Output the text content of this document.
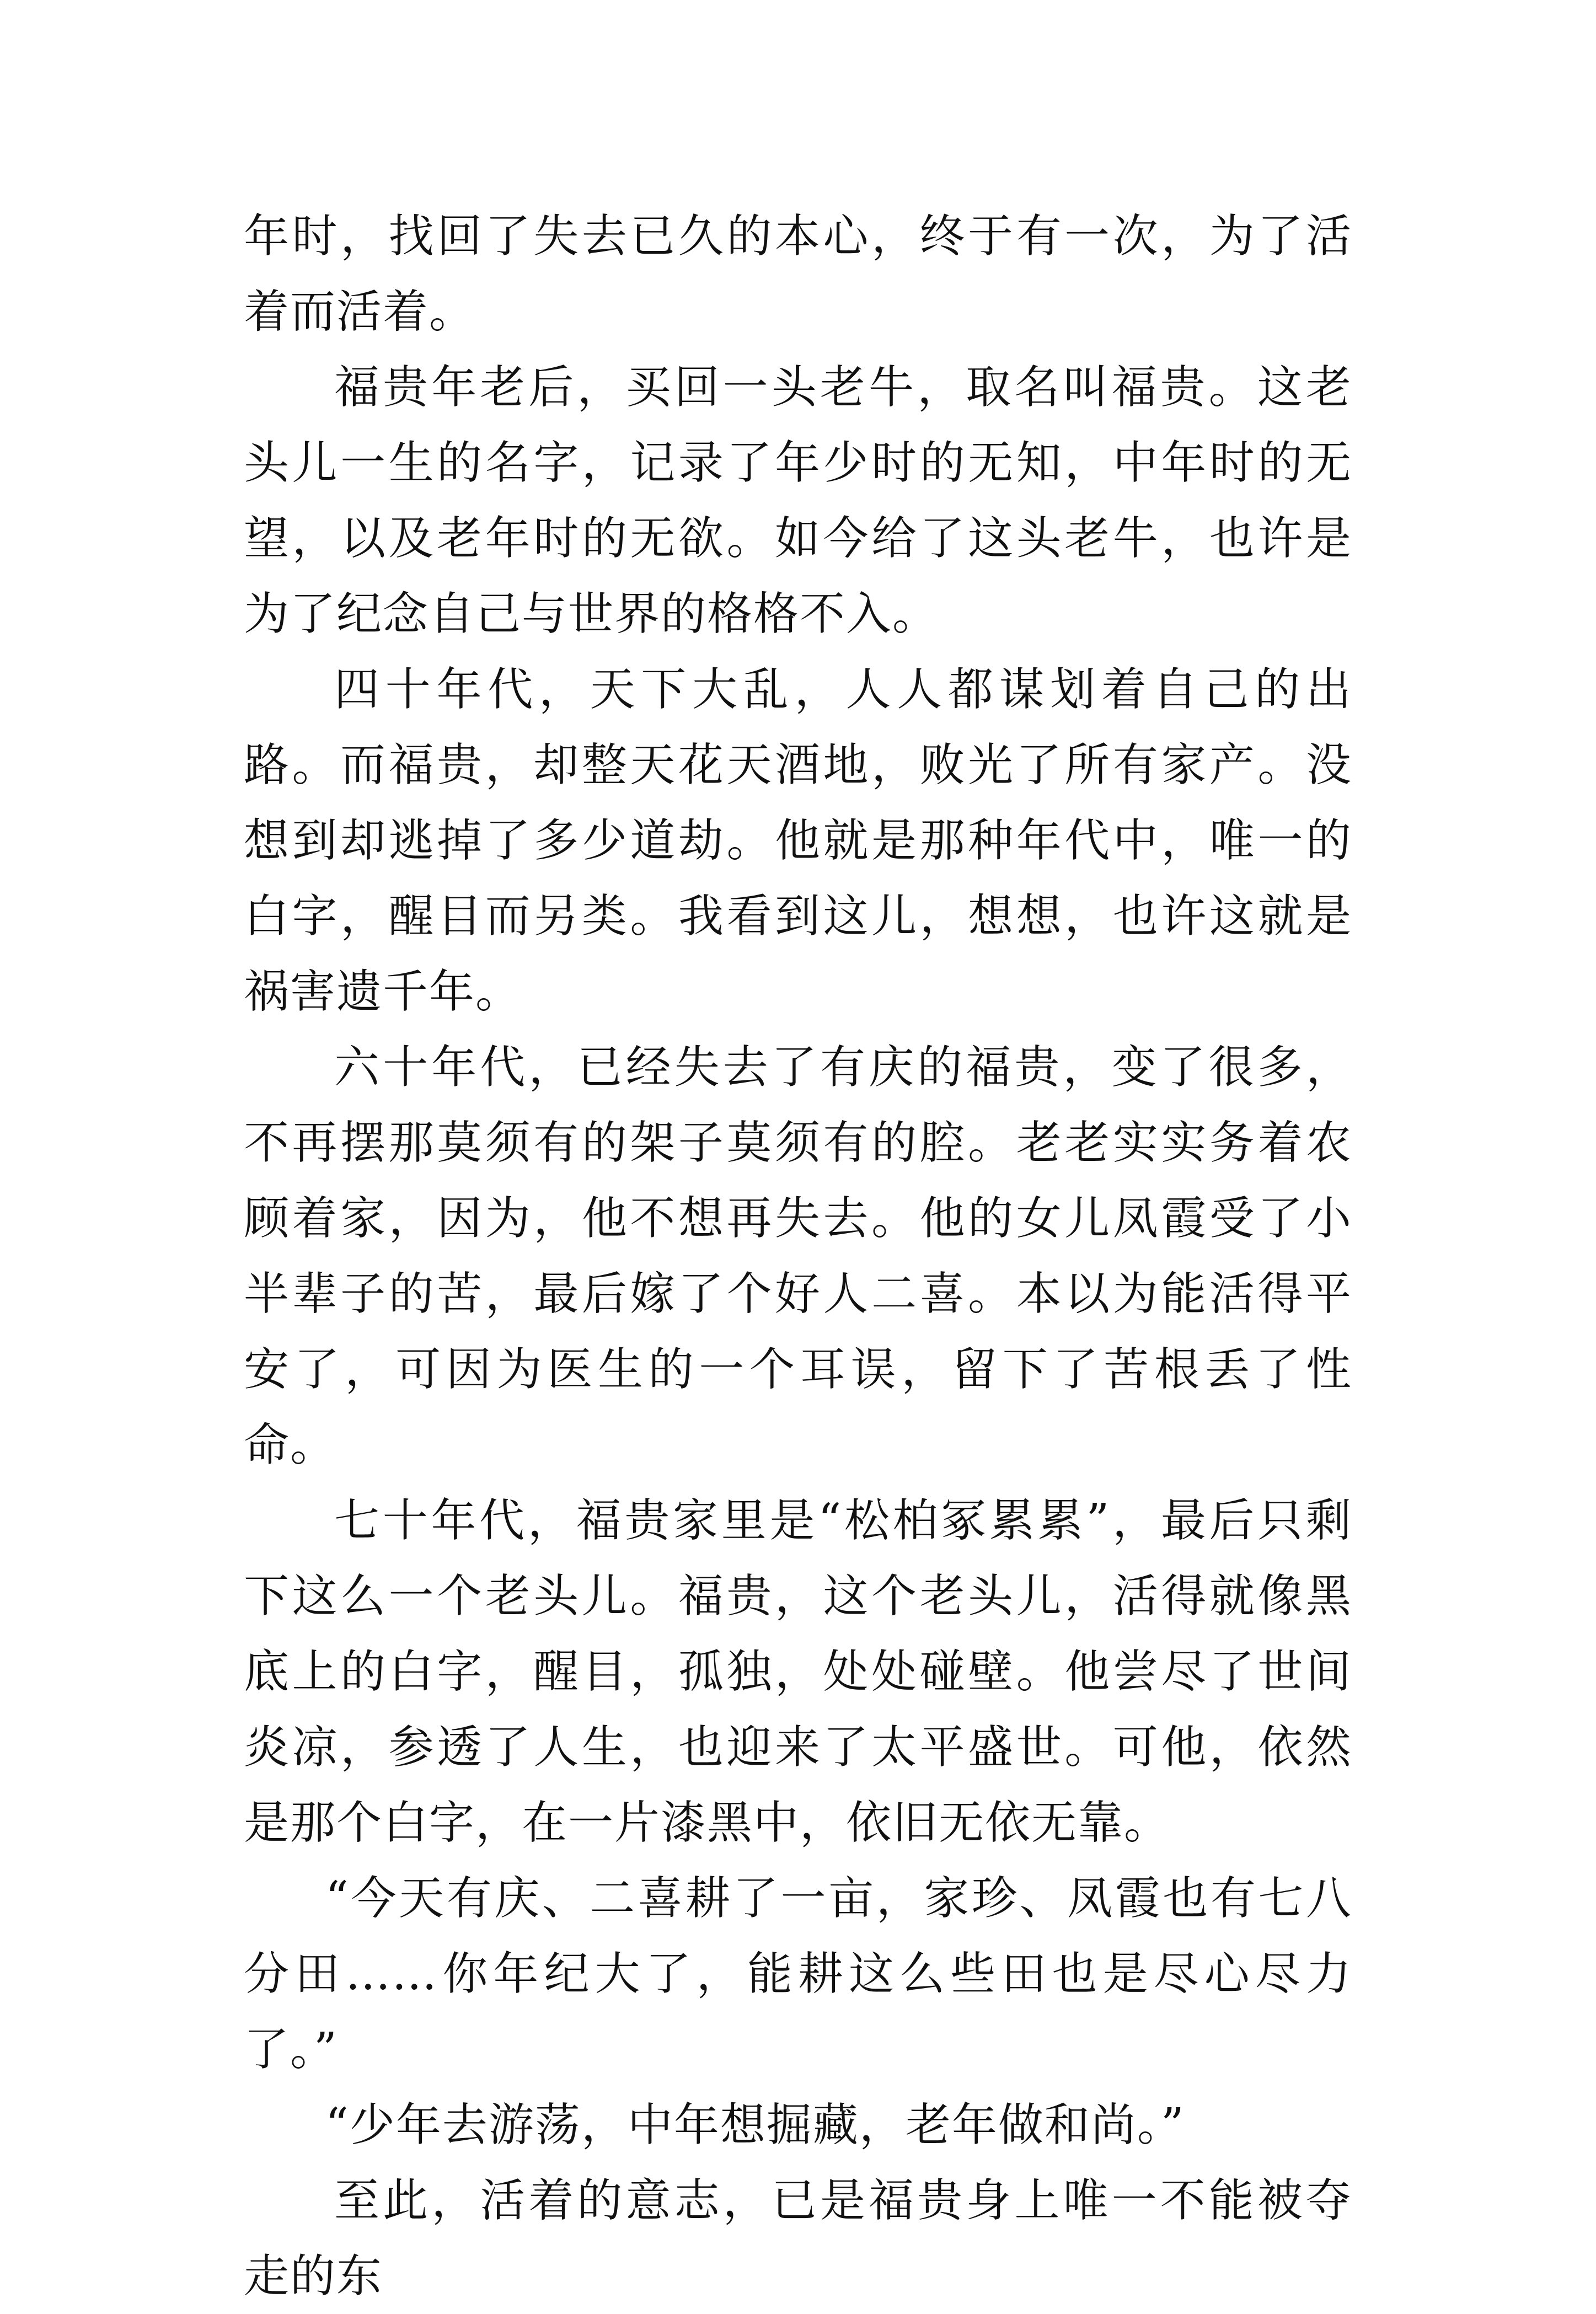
年时，找回了失去已久的本心，终于有一次，为了活着而活着。

福贵年老后，买回一头老牛，取名叫福贵。这老头儿一生的名字，记录了年少时的无知，中年时的无望，以及老年时的无欲。如今给了这头老牛，也许是为了纪念自己与世界的格格不入。

四十年代，天下大乱，人人都谋划着自己的出路。而福贵，却整天花天酒地，败光了所有家产。没想到却逃掉了多少道劫。他就是那种年代中，唯一的白字，醒目而另类。我看到这儿，想想，也许这就是祸害遗千年。

六十年代，已经失去了有庆的福贵，变了很多，不再摆那莫须有的架子莫须有的腔。老老实实务着农顾着家，因为，他不想再失去。他的女儿凤霞受了小半辈子的苦，最后嫁了个好人二喜。本以为能活得平安了，可因为医生的一个耳误，留下了苦根丢了性命。

七十年代，福贵家里是“松柏冢累累”，最后只剩下这么一个老头儿。福贵，这个老头儿，活得就像黑底上的白字，醒目，孤独，处处碰壁。他尝尽了世间炎凉，参透了人生，也迎来了太平盛世。可他，依然是那个白字，在一片漆黑中，依旧无依无靠。

“今天有庆、二喜耕了一亩，家珍、凤霞也有七八分田……你年纪大了，能耕这么些田也是尽心尽力了。”

“少年去游荡，中年想掘藏，老年做和尚。”

至此，活着的意志，已是福贵身上唯一不能被夺走的东
